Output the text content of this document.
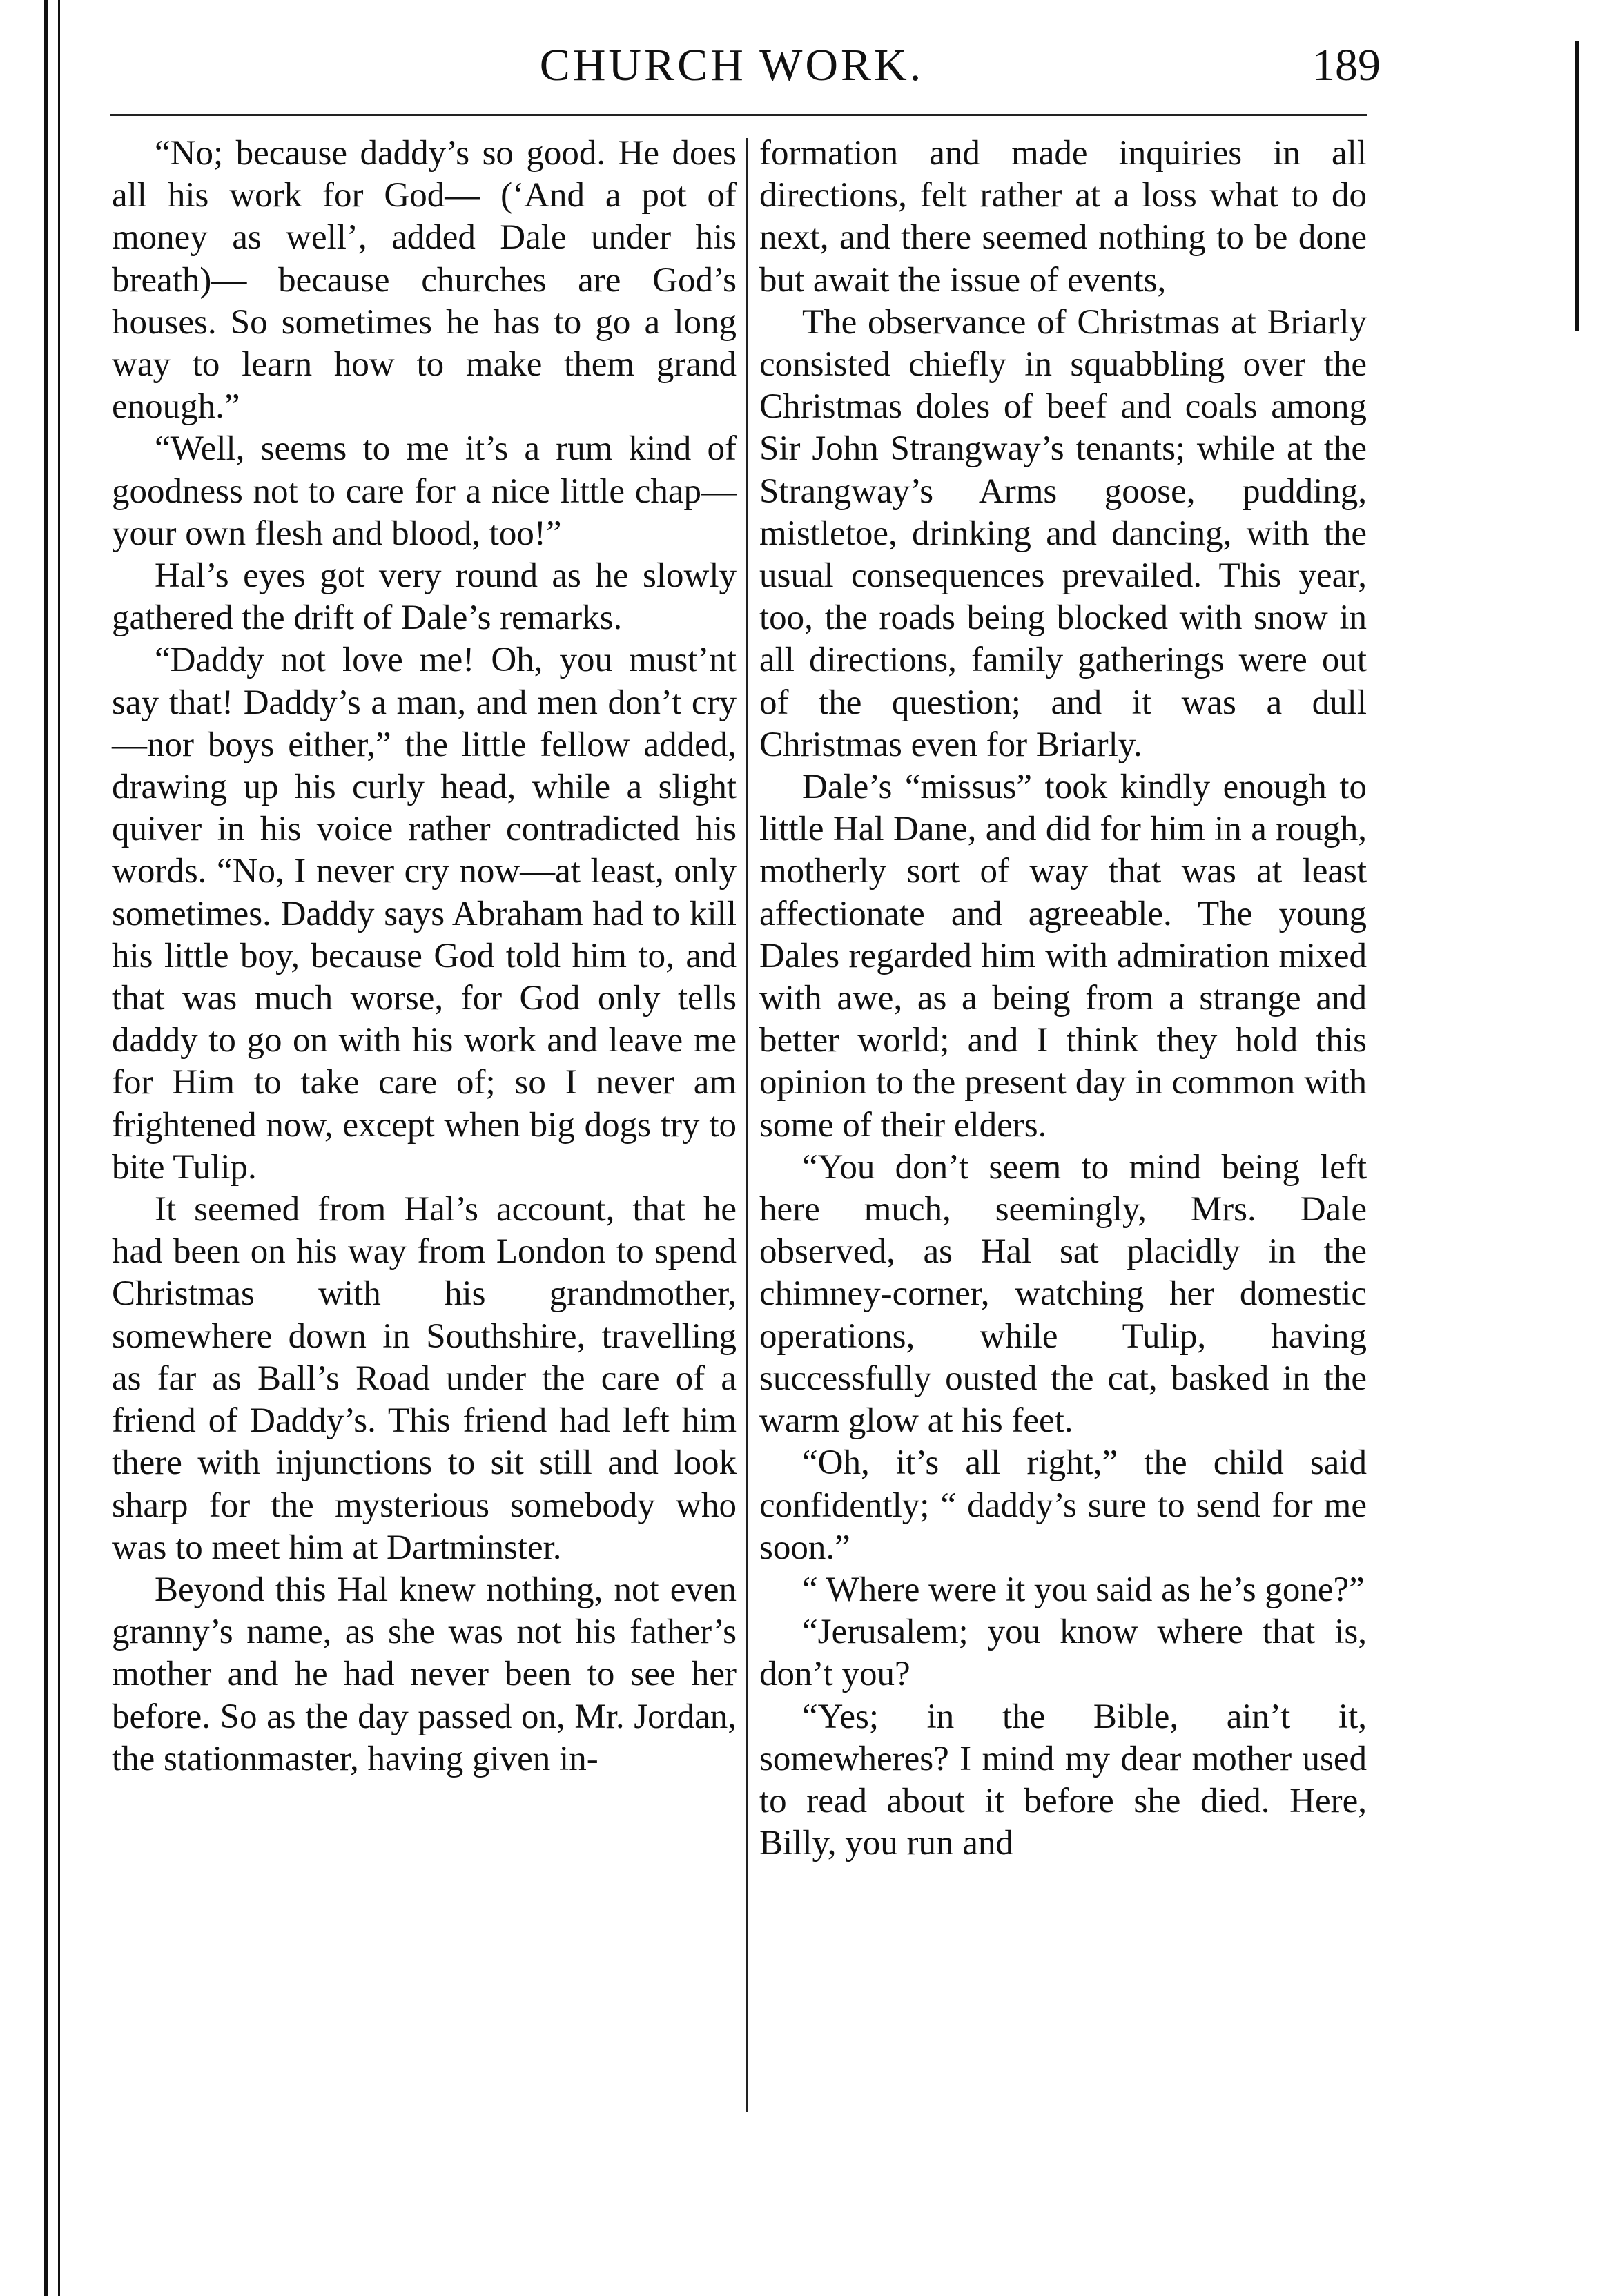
CHURCH WORK.	189

“No; because daddy’s so good. He does all his work for God— (‘And a pot of money as well’, added Dale under his breath)— because churches are God’s houses. So sometimes he has to go a long way to learn how to make them grand enough.”

“Well, seems to me it’s a rum kind of goodness not to care for a nice little chap—your own flesh and blood, too!”

Hal’s eyes got very round as he slowly gathered the drift of Dale’s remarks.

“Daddy not love me! Oh, you must’nt say that! Daddy’s a man, and men don’t cry—nor boys either,” the little fellow added, drawing up his curly head, while a slight quiver in his voice rather contradicted his words. “No, I never cry now—at least, only sometimes. Daddy says Abraham had to kill his little boy, because God told him to, and that was much worse, for God only tells daddy to go on with his work and leave me for Him to take care of; so I never am frightened now, except when big dogs try to bite Tulip.

It seemed from Hal’s account, that he had been on his way from London to spend Christmas with his grandmother, somewhere down in Southshire, travelling as far as Ball’s Road under the care of a friend of Daddy’s. This friend had left him there with injunctions to sit still and look sharp for the mysterious somebody who was to meet him at Dartminster.

Beyond this Hal knew nothing, not even granny’s name, as she was not his father’s mother and he had never been to see her before. So as the day passed on, Mr. Jordan, the stationmaster, having given in-

formation and made inquiries in all directions, felt rather at a loss what to do next, and there seemed nothing to be done but await the issue of events,

The observance of Christmas at Briarly consisted chiefly in squabbling over the Christmas doles of beef and coals among Sir John Strangway’s tenants; while at the Strangway’s Arms goose, pudding, mistletoe, drinking and dancing, with the usual consequences prevailed. This year, too, the roads being blocked with snow in all directions, family gatherings were out of the question; and it was a dull Christmas even for Briarly.

Dale’s “missus” took kindly enough to little Hal Dane, and did for him in a rough, motherly sort of way that was at least affectionate and agreeable. The young Dales regarded him with admiration mixed with awe, as a being from a strange and better world; and I think they hold this opinion to the present day in common with some of their elders.

“You don’t seem to mind being left here much, seemingly, Mrs. Dale observed, as Hal sat placidly in the chimney-corner, watching her domestic operations, while Tulip, having successfully ousted the cat, basked in the warm glow at his feet.

“Oh, it’s all right,” the child said confidently; “ daddy’s sure to send for me soon.”

“ Where were it you said as he’s gone?”

“Jerusalem; you know where that is, don’t you?

“Yes; in the Bible, ain’t it, somewheres? I mind my dear mother used to read about it before she died. Here, Billy, you run and
